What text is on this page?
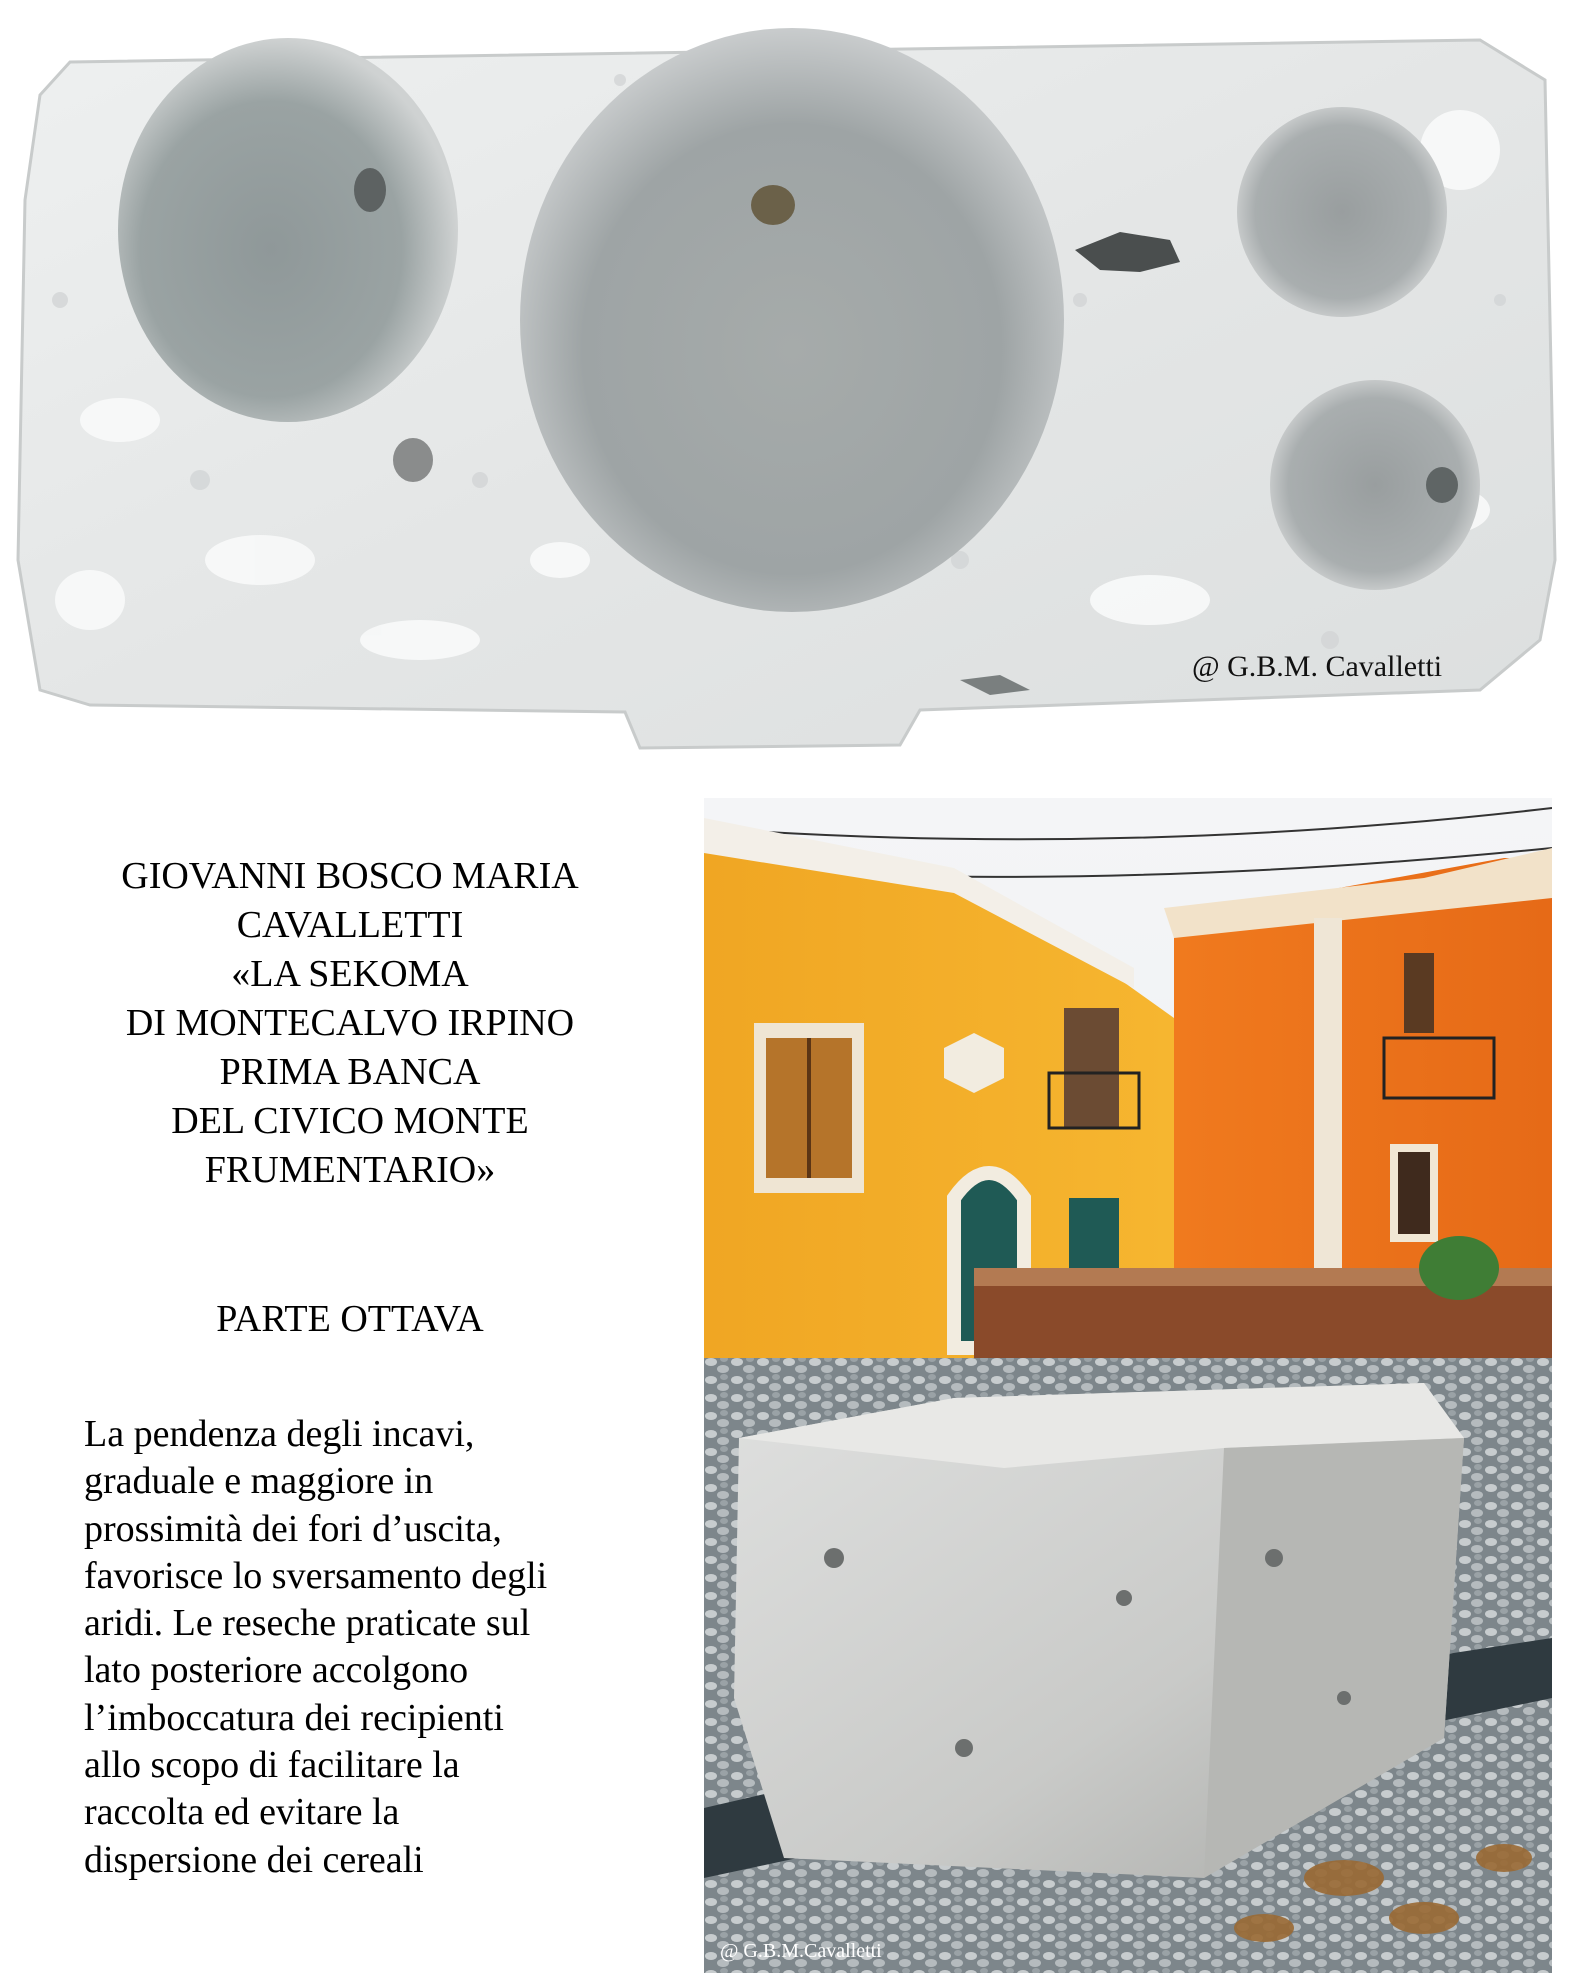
@ G.B.M. Cavalletti
GIOVANNI BOSCO MARIA
CAVALLETTI
«LA SEKOMA
DI MONTECALVO IRPINO
PRIMA BANCA
DEL CIVICO MONTE
FRUMENTARIO»
PARTE OTTAVA
La pendenza degli incavi,
graduale e maggiore in
prossimità dei fori d’uscita,
favorisce lo sversamento degli
aridi. Le reseche praticate sul
lato posteriore accolgono
l’imboccatura dei recipienti
allo scopo di facilitare la
raccolta ed evitare la
dispersione dei cereali
@ G.B.M.Cavalletti
